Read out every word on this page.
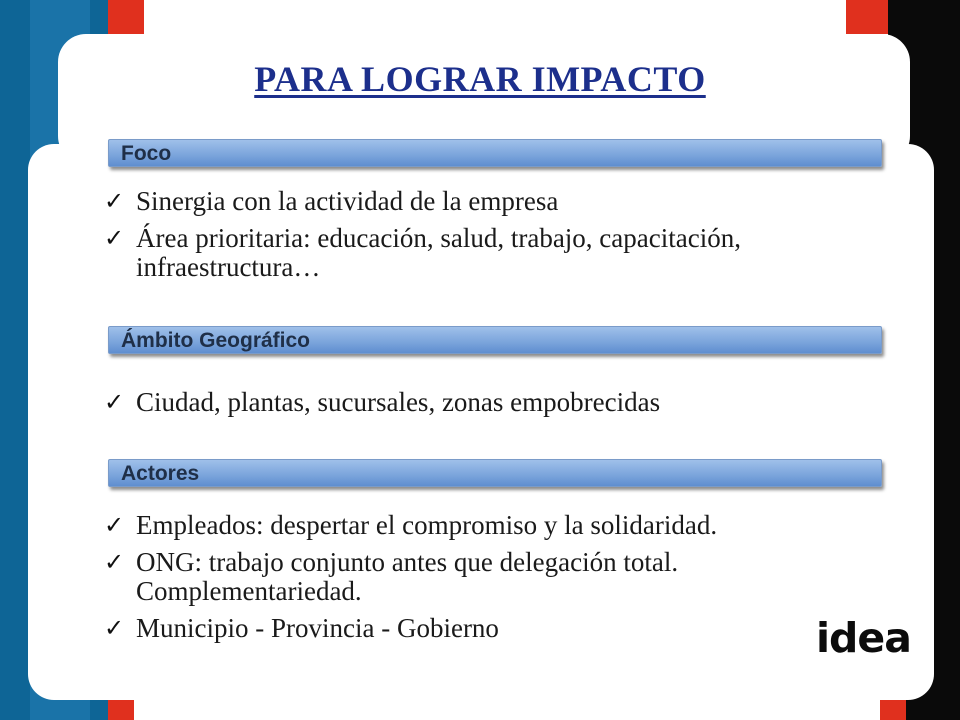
PARA LOGRAR IMPACTO
Foco
✓ Sinergia con la actividad de la empresa
✓ Área prioritaria: educación, salud, trabajo, capacitación, infraestructura…
Ámbito Geográfico
✓ Ciudad, plantas, sucursales, zonas empobrecidas
Actores
✓ Empleados: despertar el compromiso y la solidaridad.
✓ ONG: trabajo conjunto antes que delegación total. Complementariedad.
✓ Municipio - Provincia - Gobierno	idea
